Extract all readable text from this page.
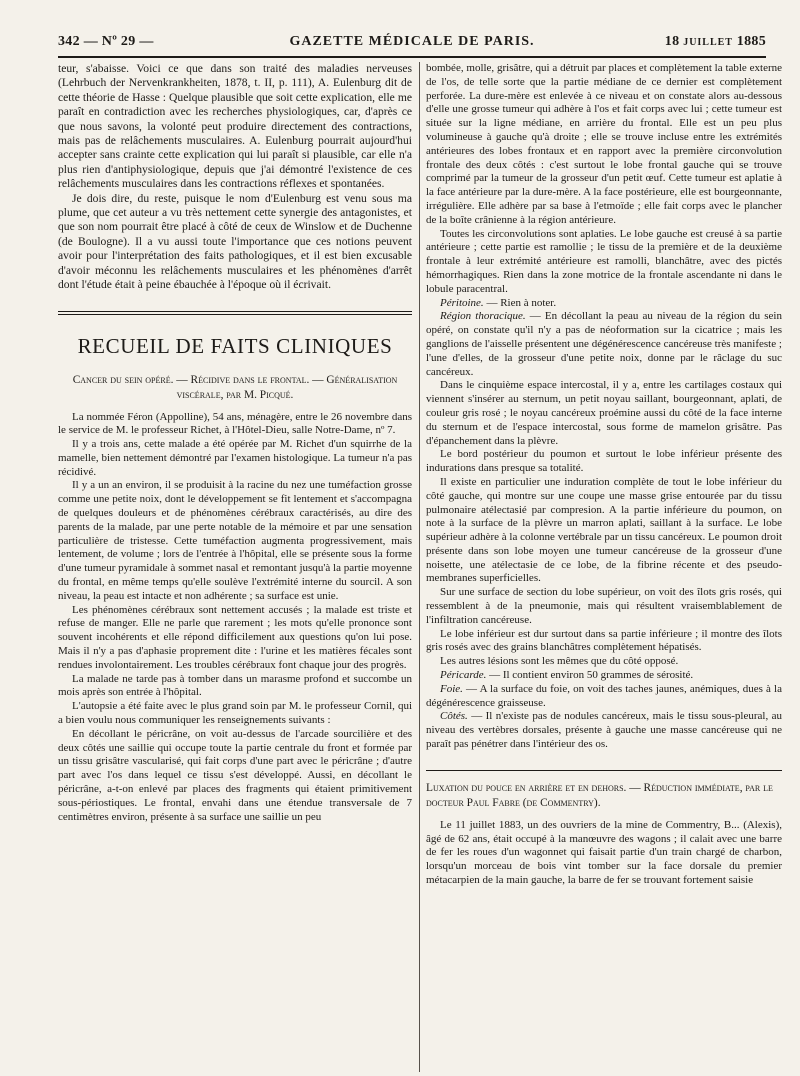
342 — Nº 29 —	GAZETTE MÉDICALE DE PARIS.	18 JUILLET 1885

teur, s'abaisse. Voici ce que dans son traité des maladies nerveuses (Lehrbuch der Nervenkrankheiten, 1878, t. II, p. 111), A. Eulenburg dit de cette théorie de Hasse : Quelque plausible que soit cette explication, elle me paraît en contradiction avec les recherches physiologiques, car, d'après ce que nous savons, la volonté peut produire directement des contractions, mais pas de relâchements musculaires. A. Eulenburg pourrait aujourd'hui accepter sans crainte cette explication qui lui paraît si plausible, car elle n'a plus rien d'antiphysiologique, depuis que j'ai démontré l'existence de ces relâchements musculaires dans les contractions réflexes et spontanées.

Je dois dire, du reste, puisque le nom d'Eulenburg est venu sous ma plume, que cet auteur a vu très nettement cette synergie des antagonistes, et que son nom pourrait être placé à côté de ceux de Winslow et de Duchenne (de Boulogne). Il a vu aussi toute l'importance que ces notions peuvent avoir pour l'interprétation des faits pathologiques, et il est bien excusable d'avoir méconnu les relâchements musculaires et les phénomènes d'arrêt dont l'étude était à peine ébauchée à l'époque où il écrivait.

RECUEIL DE FAITS CLINIQUES
Cancer du sein opéré. — Récidive dans le frontal. — Généralisation viscérale, par M. Picqué.

La nommée Féron (Appolline), 54 ans, ménagère, entre le 26 novembre dans le service de M. le professeur Richet, à l'Hôtel-Dieu, salle Notre-Dame, nº 7.

Il y a trois ans, cette malade a été opérée par M. Richet d'un squirrhe de la mamelle, bien nettement démontré par l'examen histologique. La tumeur n'a pas récidivé.

Il y a un an environ, il se produisit à la racine du nez une tuméfaction grosse comme une petite noix, dont le développement se fit lentement et s'accompagna de quelques douleurs et de phénomènes cérébraux caractérisés, au dire des parents de la malade, par une perte notable de la mémoire et par une sensation particulière de tristesse. Cette tuméfaction augmenta progressivement, mais lentement, de volume ; lors de l'entrée à l'hôpital, elle se présente sous la forme d'une tumeur pyramidale à sommet nasal et remontant jusqu'à la partie moyenne du frontal, en même temps qu'elle soulève l'extrémité interne du sourcil. A son niveau, la peau est intacte et non adhérente ; sa surface est unie.

Les phénomènes cérébraux sont nettement accusés ; la malade est triste et refuse de manger. Elle ne parle que rarement ; les mots qu'elle prononce sont souvent incohérents et elle répond difficilement aux questions qu'on lui pose. Mais il n'y a pas d'aphasie proprement dite : l'urine et les matières fécales sont rendues involontairement. Les troubles cérébraux font chaque jour des progrès.

La malade ne tarde pas à tomber dans un marasme profond et succombe un mois après son entrée à l'hôpital.

L'autopsie a été faite avec le plus grand soin par M. le professeur Cornil, qui a bien voulu nous communiquer les renseignements suivants :

En décollant le péricrâne, on voit au-dessus de l'arcade sourcilière et des deux côtés une saillie qui occupe toute la partie centrale du front et formée par un tissu grisâtre vascularisé, qui fait corps d'une part avec le péricrâne ; d'autre part avec l'os dans lequel ce tissu s'est développé. Aussi, en décollant le péricrâne, a-t-on enlevé par places des fragments qui étaient primitivement sous-périostiques. Le frontal, envahi dans une étendue transversale de 7 centimètres environ, présente à sa surface une saillie un peu

bombée, molle, grisâtre, qui a détruit par places et complètement la table externe de l'os, de telle sorte que la partie médiane de ce dernier est complètement perforée. La dure-mère est enlevée à ce niveau et on constate alors au-dessous d'elle une grosse tumeur qui adhère à l'os et fait corps avec lui ; cette tumeur est située sur la ligne médiane, en arrière du frontal. Elle est un peu plus volumineuse à gauche qu'à droite ; elle se trouve incluse entre les extrémités antérieures des lobes frontaux et en rapport avec la première circonvolution frontale des deux côtés : c'est surtout le lobe frontal gauche qui se trouve comprimé par la tumeur de la grosseur d'un petit œuf. Cette tumeur est aplatie à la face antérieure par la dure-mère. A la face postérieure, elle est bourgeonnante, irrégulière. Elle adhère par sa base à l'etmoïde ; elle fait corps avec le plancher de la boîte crânienne à la région antérieure.

Toutes les circonvolutions sont aplaties. Le lobe gauche est creusé à sa partie antérieure ; cette partie est ramollie ; le tissu de la première et de la deuxième frontale à leur extrémité antérieure est ramolli, blanchâtre, avec des pictés hémorrhagiques. Rien dans la zone motrice de la frontale ascendante ni dans le lobule paracentral.

Péritoine. — Rien à noter.

Région thoracique. — En décollant la peau au niveau de la région du sein opéré, on constate qu'il n'y a pas de néoformation sur la cicatrice ; mais les ganglions de l'aisselle présentent une dégénérescence cancéreuse très manifeste ; l'une d'elles, de la grosseur d'une petite noix, donne par le râclage du suc cancéreux.

Dans le cinquième espace intercostal, il y a, entre les cartilages costaux qui viennent s'insérer au sternum, un petit noyau saillant, bourgeonnant, aplati, de couleur gris rosé ; le noyau cancéreux proémine aussi du côté de la face interne du sternum et de l'espace intercostal, sous forme de mamelon grisâtre. Pas d'épanchement dans la plèvre.

Le bord postérieur du poumon et surtout le lobe inférieur présente des indurations dans presque sa totalité.

Il existe en particulier une induration complète de tout le lobe inférieur du côté gauche, qui montre sur une coupe une masse grise entourée par du tissu pulmonaire atélectasié par compresion. A la partie inférieure du poumon, on note à la surface de la plèvre un marron aplati, saillant à la surface. Le lobe supérieur adhère à la colonne vertébrale par un tissu cancéreux. Le poumon droit présente dans son lobe moyen une tumeur cancéreuse de la grosseur d'une noisette, une atélectasie de ce lobe, de la fibrine récente et des pseudo-membranes superficielles.

Sur une surface de section du lobe supérieur, on voit des îlots gris rosés, qui ressemblent à de la pneumonie, mais qui résultent vraisemblablement de l'infiltration cancéreuse.

Le lobe inférieur est dur surtout dans sa partie inférieure ; il montre des îlots gris rosés avec des grains blanchâtres complètement hépatisés.

Les autres lésions sont les mêmes que du côté opposé.

Péricarde. — Il contient environ 50 grammes de sérosité.

Foie. — A la surface du foie, on voit des taches jaunes, anémiques, dues à la dégénérescence graisseuse.

Côtés. — Il n'existe pas de nodules cancéreux, mais le tissu sous-pleural, au niveau des vertèbres dorsales, présente à gauche une masse cancéreuse qui ne paraît pas pénétrer dans l'intérieur des os.

Luxation du pouce en arrière et en dehors. — Réduction immédiate, par le docteur Paul Fabre (de Commentry).

Le 11 juillet 1883, un des ouvriers de la mine de Commentry, B... (Alexis), âgé de 62 ans, était occupé à la manœuvre des wagons ; il calait avec une barre de fer les roues d'un wagonnet qui faisait partie d'un train chargé de charbon, lorsqu'un morceau de bois vint tomber sur la face dorsale du premier métacarpien de la main gauche, la barre de fer se trouvant fortement saisie
